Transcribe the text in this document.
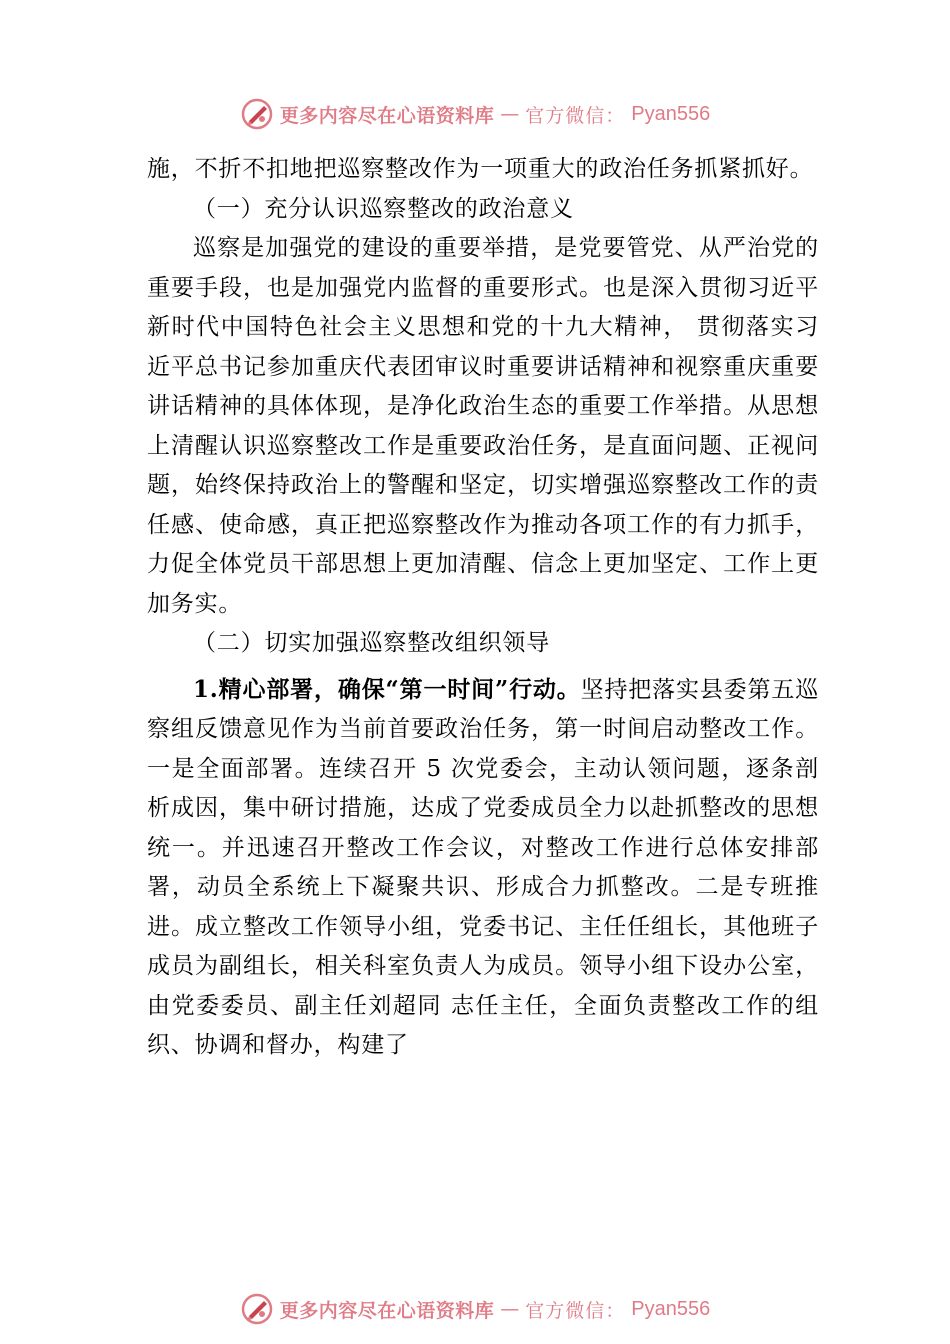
更多内容尽在心语资料库 — 官方微信： Pyan556

施，不折不扣地把巡察整改作为一项重大的政治任务抓紧抓好。

（一）充分认识巡察整改的政治意义

巡察是加强党的建设的重要举措，是党要管党、从严治党的重要手段，也是加强党内监督的重要形式。也是深入贯彻习近平新时代中国特色社会主义思想和党的十九大精神， 贯彻落实习近平总书记参加重庆代表团审议时重要讲话精神和视察重庆重要讲话精神的具体体现，是净化政治生态的重要工作举措。从思想上清醒认识巡察整改工作是重要政治任务，是直面问题、正视问题，始终保持政治上的警醒和坚定，切实增强巡察整改工作的责任感、使命感，真正把巡察整改作为推动各项工作的有力抓手，力促全体党员干部思想上更加清醒、信念上更加坚定、工作上更加务实。

（二）切实加强巡察整改组织领导

1.精心部署，确保“第一时间”行动。坚持把落实县委第五巡察组反馈意见作为当前首要政治任务，第一时间启动整改工作。一是全面部署。连续召开 5 次党委会，主动认领问题，逐条剖析成因，集中研讨措施，达成了党委成员全力以赴抓整改的思想统一。并迅速召开整改工作会议，对整改工作进行总体安排部署，动员全系统上下凝聚共识、形成合力抓整改。二是专班推进。成立整改工作领导小组，党委书记、主任任组长，其他班子成员为副组长，相关科室负责人为成员。领导小组下设办公室，由党委委员、副主任刘超同 志任主任，全面负责整改工作的组织、协调和督办，构建了

更多内容尽在心语资料库 — 官方微信： Pyan556
